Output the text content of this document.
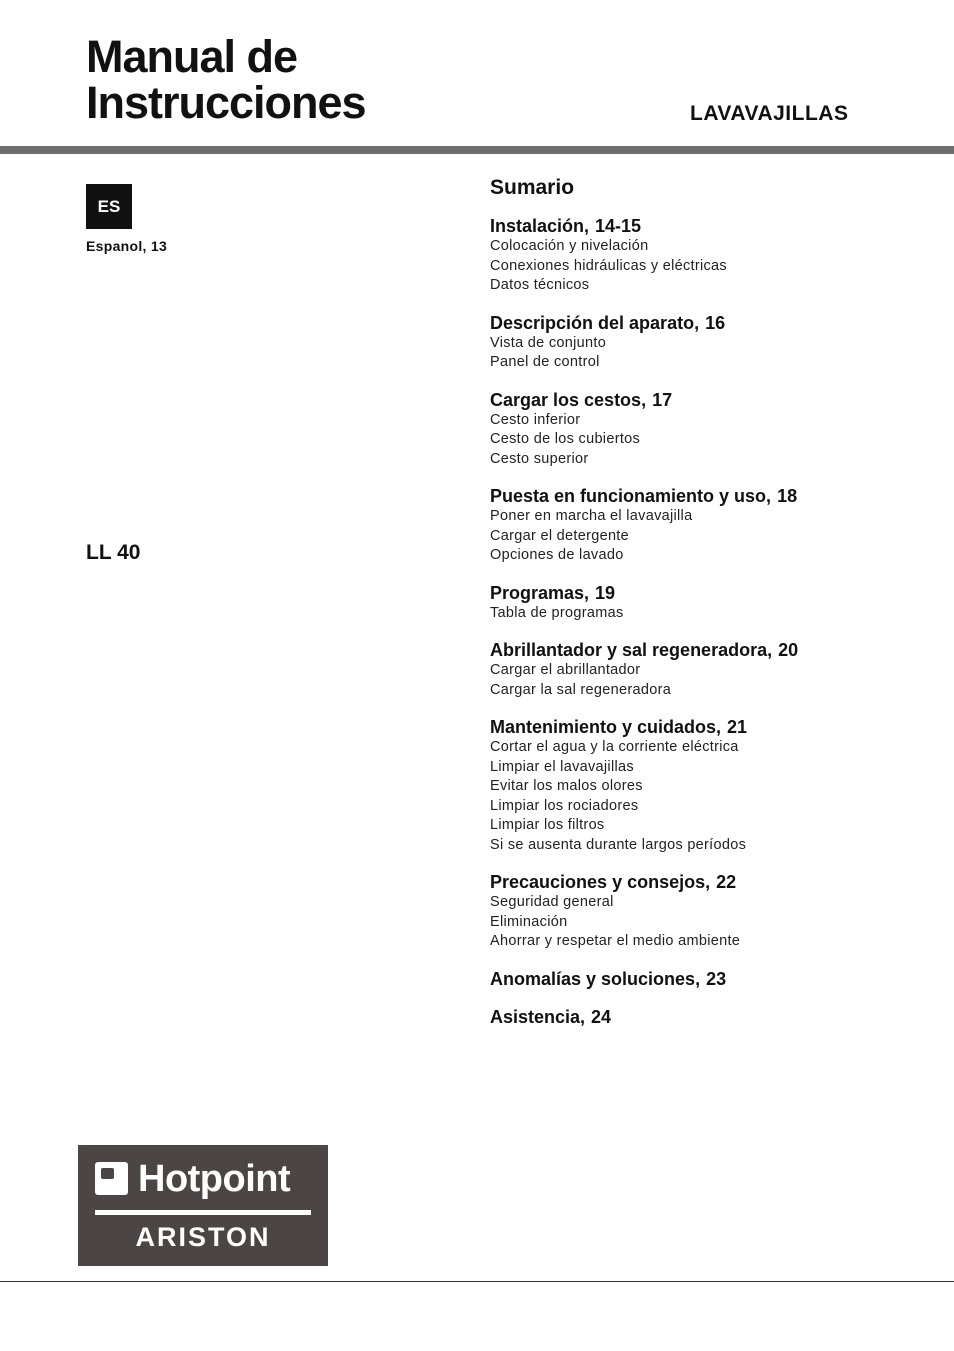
Manual de
Instrucciones	LAVAVAJILLAS
ES
Espanol, 13
LL 40
Sumario
Instalación, 14-15
Colocación y nivelación
Conexiones hidráulicas y eléctricas
Datos técnicos
Descripción del aparato, 16
Vista de conjunto
Panel de control
Cargar los cestos, 17
Cesto inferior
Cesto de los cubiertos
Cesto superior
Puesta en funcionamiento y uso, 18
Poner en marcha el lavavajilla
Cargar el detergente
Opciones de lavado
Programas, 19
Tabla de programas
Abrillantador y sal regeneradora, 20
Cargar el abrillantador
Cargar la sal regeneradora
Mantenimiento y cuidados, 21
Cortar el agua y la corriente eléctrica
Limpiar el lavavajillas
Evitar los malos olores
Limpiar los rociadores
Limpiar los filtros
Si se ausenta durante largos períodos
Precauciones y consejos, 22
Seguridad general
Eliminación
Ahorrar y respetar el medio ambiente
Anomalías y soluciones, 23
Asistencia, 24
Hotpoint
ARISTON
